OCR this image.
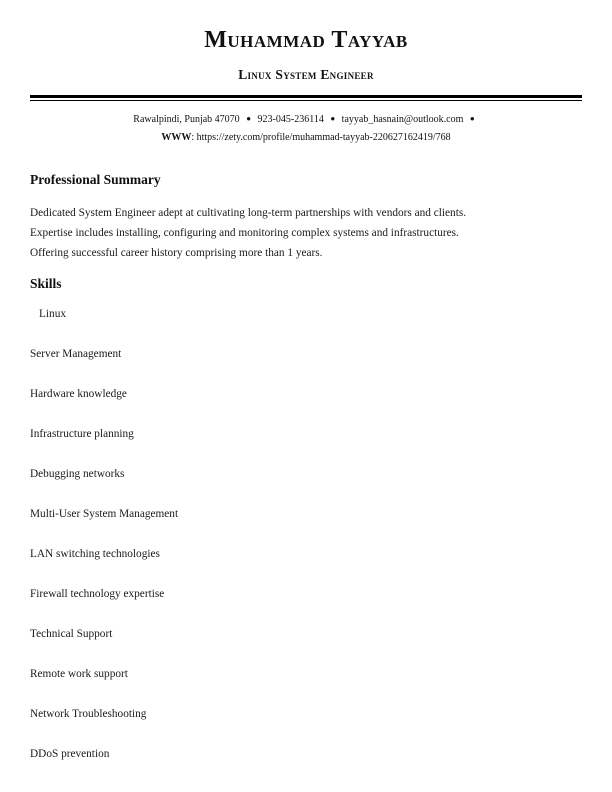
Muhammad Tayyab
Linux System Engineer
Rawalpindi, Punjab 47070 ● 923-045-236114 ● tayyab_hasnain@outlook.com ●
WWW: https://zety.com/profile/muhammad-tayyab-220627162419/768
Professional Summary
Dedicated System Engineer adept at cultivating long-term partnerships with vendors and clients.
Expertise includes installing, configuring and monitoring complex systems and infrastructures.
Offering successful career history comprising more than 1 years.
Skills
Linux
Server Management
Hardware knowledge
Infrastructure planning
Debugging networks
Multi-User System Management
LAN switching technologies
Firewall technology expertise
Technical Support
Remote work support
Network Troubleshooting
DDoS prevention
